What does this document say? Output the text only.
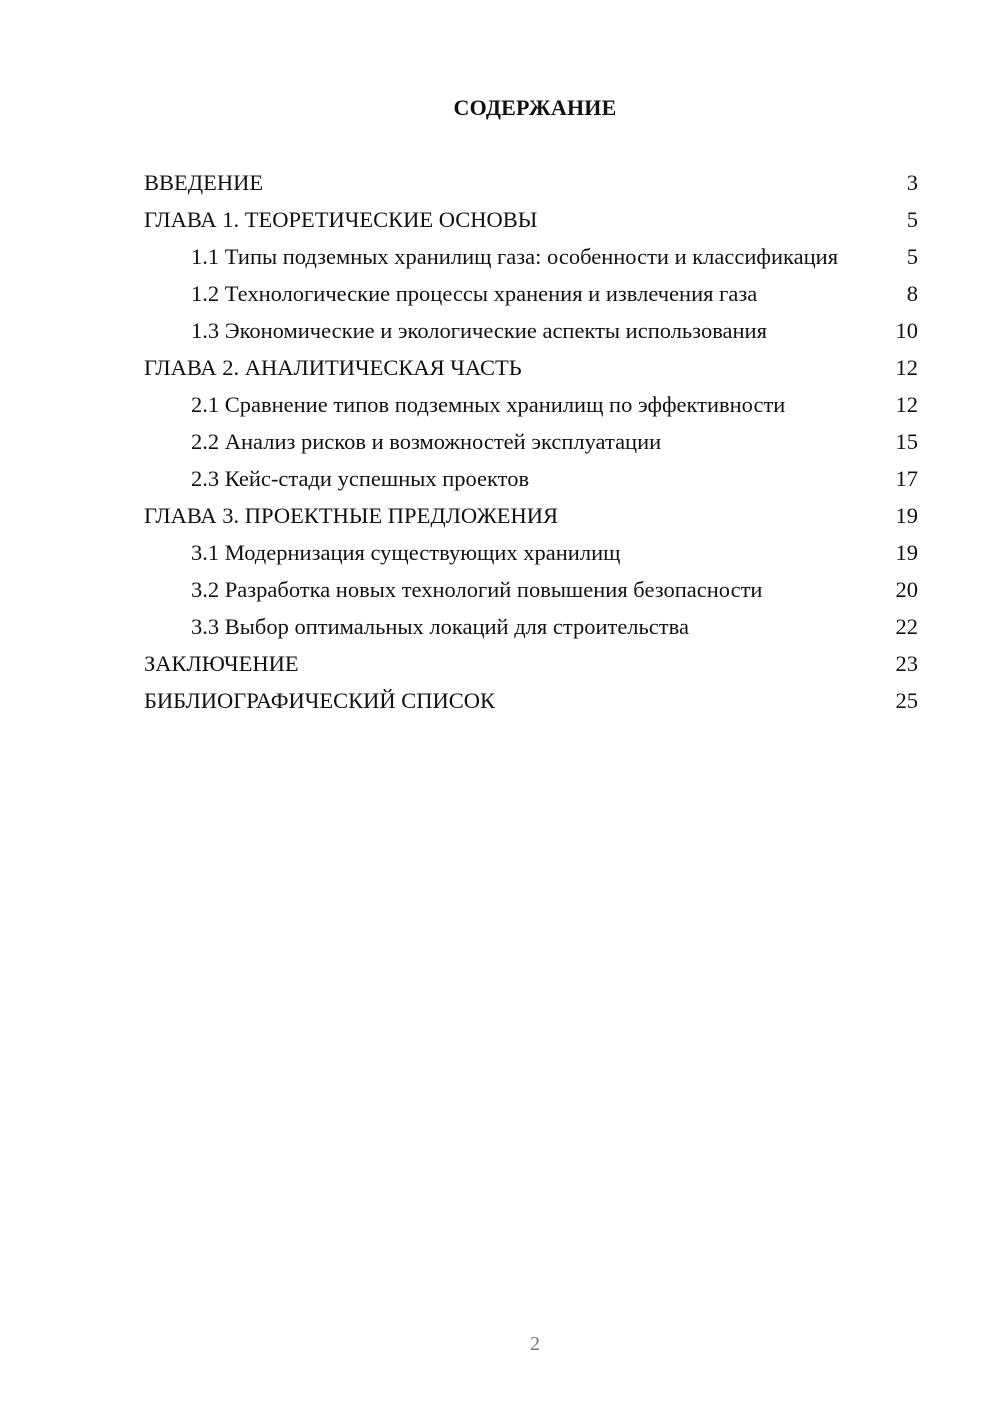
СОДЕРЖАНИЕ
ВВЕДЕНИЕ	3
ГЛАВА 1. ТЕОРЕТИЧЕСКИЕ ОСНОВЫ	5
1.1 Типы подземных хранилищ газа: особенности и классификация	5
1.2 Технологические процессы хранения и извлечения газа	8
1.3 Экономические и экологические аспекты использования	10
ГЛАВА 2. АНАЛИТИЧЕСКАЯ ЧАСТЬ	12
2.1 Сравнение типов подземных хранилищ по эффективности	12
2.2 Анализ рисков и возможностей эксплуатации	15
2.3 Кейс-стади успешных проектов	17
ГЛАВА 3. ПРОЕКТНЫЕ ПРЕДЛОЖЕНИЯ	19
3.1 Модернизация существующих хранилищ	19
3.2 Разработка новых технологий повышения безопасности	20
3.3 Выбор оптимальных локаций для строительства	22
ЗАКЛЮЧЕНИЕ	23
БИБЛИОГРАФИЧЕСКИЙ СПИСОК	25
2
